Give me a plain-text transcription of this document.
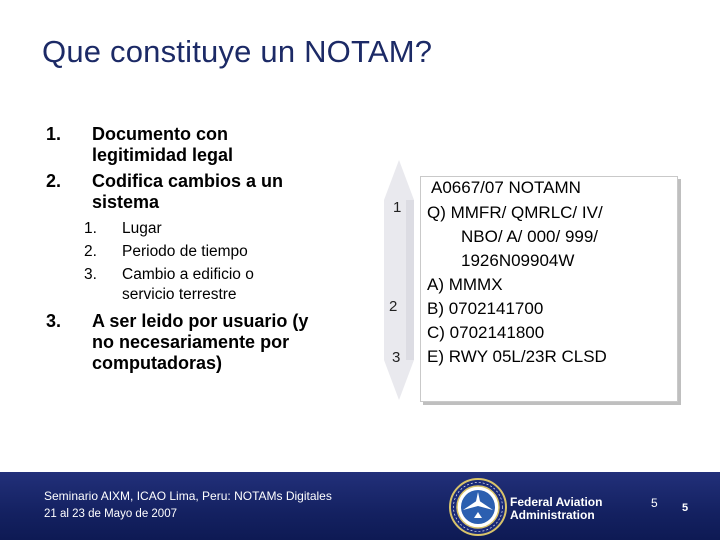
Que constituye un NOTAM?
1. Documento con legitimidad legal
2. Codifica cambios a un sistema
1. Lugar
2. Periodo de tiempo
3. Cambio a edificio o servicio terrestre
3. A ser leido por usuario (y no necesariamente por computadoras)
1
2
3
A0667/07 NOTAMN
Q) MMFR/ QMRLC/ IV/
NBO/ A/ 000/ 999/
1926N09904W
A) MMMX
B) 0702141700
C) 0702141800
E) RWY 05L/23R CLSD
Seminario AIXM, ICAO Lima, Peru: NOTAMs Digitales
21 al 23 de Mayo de 2007
Federal Aviation
Administration
5 5
